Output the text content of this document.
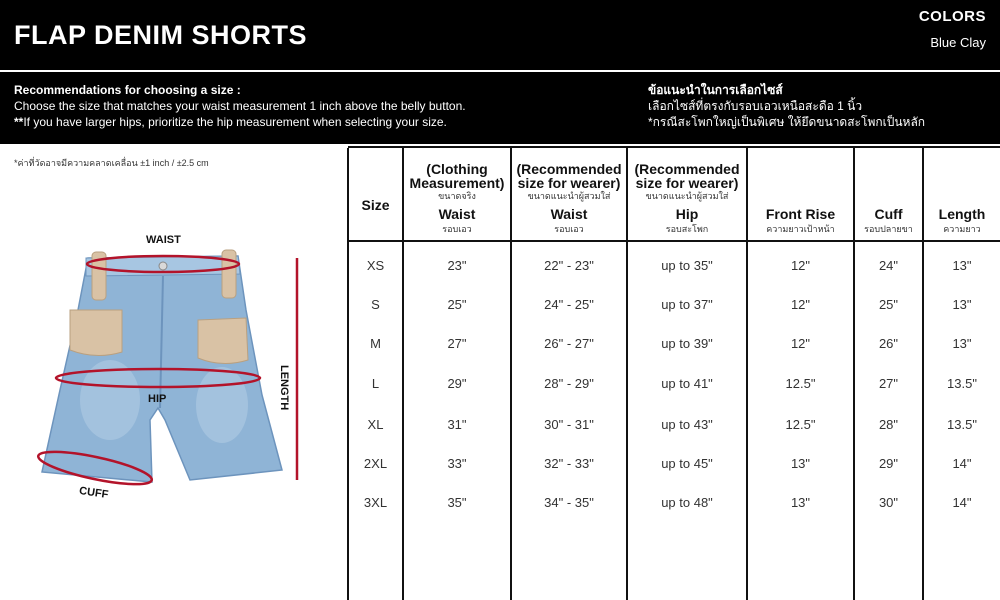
FLAP DENIM SHORTS
COLORS
Blue Clay
Recommendations for choosing a size :
Choose the size that matches your waist measurement 1 inch above the belly button.
**If you have larger hips, prioritize the hip measurement when selecting your size.
ข้อแนะนำในการเลือกไซส์
เลือกไซส์ที่ตรงกับรอบเอวเหนือสะดือ 1 นิ้ว
*กรณีสะโพกใหญ่เป็นพิเศษ ให้ยึดขนาดสะโพกเป็นหลัก
*ค่าที่วัดอาจมีความคลาดเคลื่อน ±1 inch / ±2.5 cm
WAIST
HIP
CUFF
LENGTH
Size
(Clothing Measurement)
ขนาดจริง
Waist
รอบเอว
(Recommended size for wearer)
ขนาดแนะนำผู้สวมใส่
Waist
รอบเอว
(Recommended size for wearer)
ขนาดแนะนำผู้สวมใส่
Hip
รอบสะโพก
Front Rise
ความยาวเป้าหน้า
Cuff
รอบปลายขา
Length
ความยาว
XS	23"	22" - 23"	up to 35"	12"	24"	13"
S	25"	24" - 25"	up to 37"	12"	25"	13"
M	27"	26" - 27"	up to 39"	12"	26"	13"
L	29"	28" - 29"	up to 41"	12.5"	27"	13.5"
XL	31"	30" - 31"	up to 43"	12.5"	28"	13.5"
2XL	33"	32" - 33"	up to 45"	13"	29"	14"
3XL	35"	34" - 35"	up to 48"	13"	30"	14"
